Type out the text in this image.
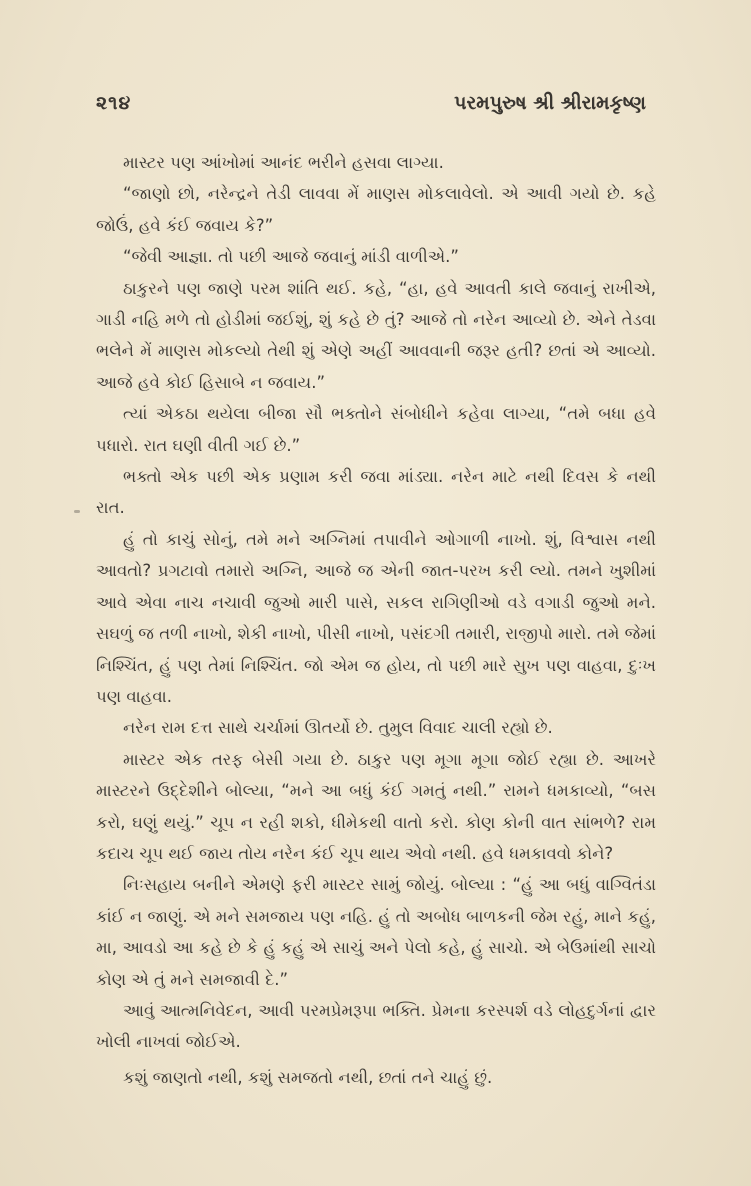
૨૧૪	પરમપુરુષ શ્રી શ્રીરામકૃષ્ણ

માસ્ટર પણ આંખોમાં આનંદ ભરીને હસવા લાગ્યા.

“જાણો છો, નરેન્દ્રને તેડી લાવવા મેં માણસ મોકલાવેલો. એ આવી ગયો છે. કહે જોઉં, હવે કંઈ જવાય કે?”

“જેવી આજ્ઞા. તો પછી આજે જવાનું માંડી વાળીએ.”

ઠાકુરને પણ જાણે પરમ શાંતિ થઈ. કહે, “હા, હવે આવતી કાલે જવાનું રાખીએ, ગાડી નહિ મળે તો હોડીમાં જઈશું, શું કહે છે તું? આજે તો નરેન આવ્યો છે. એને તેડવા ભલેને મેં માણસ મોકલ્યો તેથી શું એણે અહીં આવવાની જરૂર હતી? છતાં એ આવ્યો. આજે હવે કોઈ હિસાબે ન જવાય.”

ત્યાં એકઠા થયેલા બીજા સૌ ભક્તોને સંબોધીને કહેવા લાગ્યા, “તમે બધા હવે પધારો. રાત ઘણી વીતી ગઈ છે.”

ભક્તો એક પછી એક પ્રણામ કરી જવા માંડ્યા. નરેન માટે નથી દિવસ કે નથી રાત.

હું તો કાચું સોનું, તમે મને અગ્નિમાં તપાવીને ઓગાળી નાખો. શું, વિશ્વાસ નથી આવતો? પ્રગટાવો તમારો અગ્નિ, આજે જ એની જાત-પરખ કરી લ્યો. તમને ખુશીમાં આવે એવા નાચ નચાવી જુઓ મારી પાસે, સકલ રાગિણીઓ વડે વગાડી જુઓ મને. સઘળું જ તળી નાખો, શેકી નાખો, પીસી નાખો, પસંદગી તમારી, રાજીપો મારો. તમે જેમાં નિશ્ચિંત, હું પણ તેમાં નિશ્ચિંત. જો એમ જ હોય, તો પછી મારે સુખ પણ વાહવા, દુઃખ પણ વાહવા.

નરેન રામ દત્ત સાથે ચર્ચામાં ઊતર્યો છે. તુમુલ વિવાદ ચાલી રહ્યો છે.

માસ્ટર એક તરફ બેસી ગયા છે. ઠાકુર પણ મૂગા મૂગા જોઈ રહ્યા છે. આખરે માસ્ટરને ઉદ્દેશીને બોલ્યા, “મને આ બધું કંઈ ગમતું નથી.” રામને ધમકાવ્યો, “બસ કરો, ઘણું થયું.” ચૂપ ન રહી શકો, ધીમેકથી વાતો કરો. કોણ કોની વાત સાંભળે? રામ કદાચ ચૂપ થઈ જાય તોય નરેન કંઈ ચૂપ થાય એવો નથી. હવે ધમકાવવો કોને?

નિઃસહાય બનીને એમણે ફરી માસ્ટર સામું જોયું. બોલ્યા : “હું આ બધું વાગ્વિતંડા કાંઈ ન જાણું. એ મને સમજાય પણ નહિ. હું તો અબોધ બાળકની જેમ રહું, માને કહું, મા, આવડો આ કહે છે કે હું કહું એ સાચું અને પેલો કહે, હું સાચો. એ બેઉમાંથી સાચો કોણ એ તું મને સમજાવી દે.”

આવું આત્મનિવેદન, આવી પરમપ્રેમરૂપા ભક્તિ. પ્રેમના કરસ્પર્શ વડે લોહદુર્ગનાં દ્વાર ખોલી નાખવાં જોઈએ.

કશું જાણતો નથી, કશું સમજતો નથી, છતાં તને ચાહું છું.
